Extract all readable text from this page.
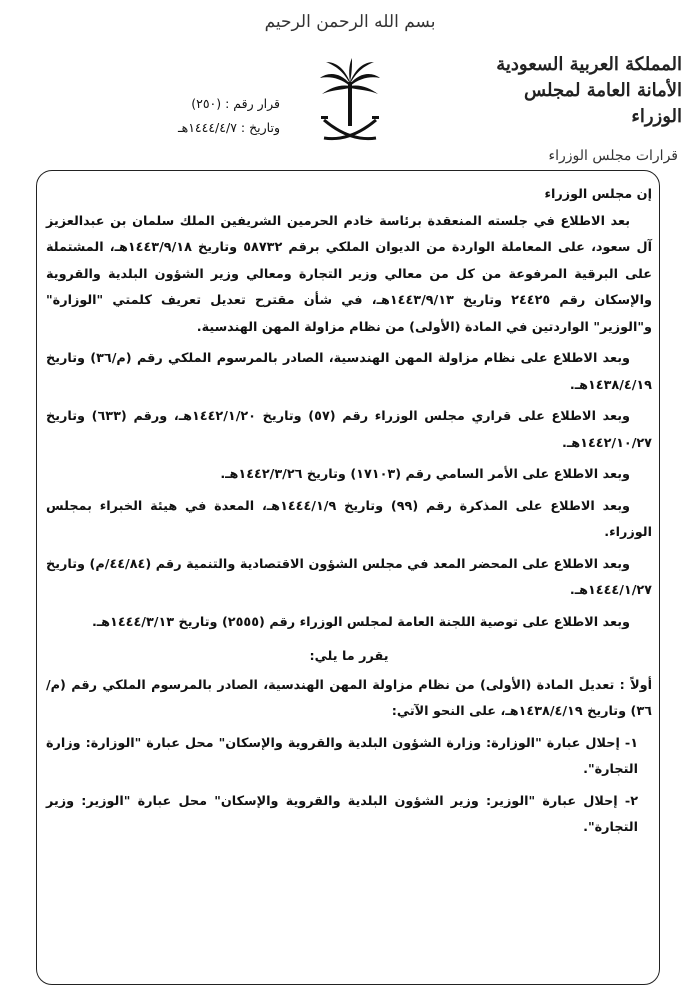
بسم الله الرحمن الرحيم
المملكة العربية السعودية
الأمانة العامة لمجلس الوزراء
قرار رقم : (٢٥٠)
وتاريخ : ١٤٤٤/٤/٧هـ
قرارات مجلس الوزراء

إن مجلس الوزراء

بعد الاطلاع في جلسته المنعقدة برئاسة خادم الحرمين الشريفين الملك سلمان بن عبدالعزيز آل سعود، على المعاملة الواردة من الديوان الملكي برقم ٥٨٧٣٢ وتاريخ ١٤٤٣/٩/١٨هـ، المشتملة على البرقية المرفوعة من كل من معالي وزير التجارة ومعالي وزير الشؤون البلدية والقروية والإسكان رقم ٢٤٤٢٥ وتاريخ ١٤٤٣/٩/١٣هـ، في شأن مقترح تعديل تعريف كلمتي "الوزارة" و"الوزير" الواردتين في المادة (الأولى) من نظام مزاولة المهن الهندسية.

وبعد الاطلاع على نظام مزاولة المهن الهندسية، الصادر بالمرسوم الملكي رقم (م/٣٦) وتاريخ ١٤٣٨/٤/١٩هـ.

وبعد الاطلاع على قراري مجلس الوزراء رقم (٥٧) وتاريخ ١٤٤٢/١/٢٠هـ، ورقم (٦٣٣) وتاريخ ١٤٤٢/١٠/٢٧هـ.

وبعد الاطلاع على الأمر السامي رقم (١٧١٠٣) وتاريخ ١٤٤٢/٣/٢٦هـ.

وبعد الاطلاع على المذكرة رقم (٩٩) وتاريخ ١٤٤٤/١/٩هـ، المعدة في هيئة الخبراء بمجلس الوزراء.

وبعد الاطلاع على المحضر المعد في مجلس الشؤون الاقتصادية والتنمية رقم (٤٤/٨٤/م) وتاريخ ١٤٤٤/١/٢٧هـ.

وبعد الاطلاع على توصية اللجنة العامة لمجلس الوزراء رقم (٢٥٥٥) وتاريخ ١٤٤٤/٣/١٣هـ.

يقرر ما يلي:

أولاً : تعديل المادة (الأولى) من نظام مزاولة المهن الهندسية، الصادر بالمرسوم الملكي رقم (م/٣٦) وتاريخ ١٤٣٨/٤/١٩هـ، على النحو الآتي:

١- إحلال عبارة "الوزارة: وزارة الشؤون البلدية والقروية والإسكان" محل عبارة "الوزارة: وزارة التجارة".

٢- إحلال عبارة "الوزير: وزير الشؤون البلدية والقروية والإسكان" محل عبارة "الوزير: وزير التجارة".
